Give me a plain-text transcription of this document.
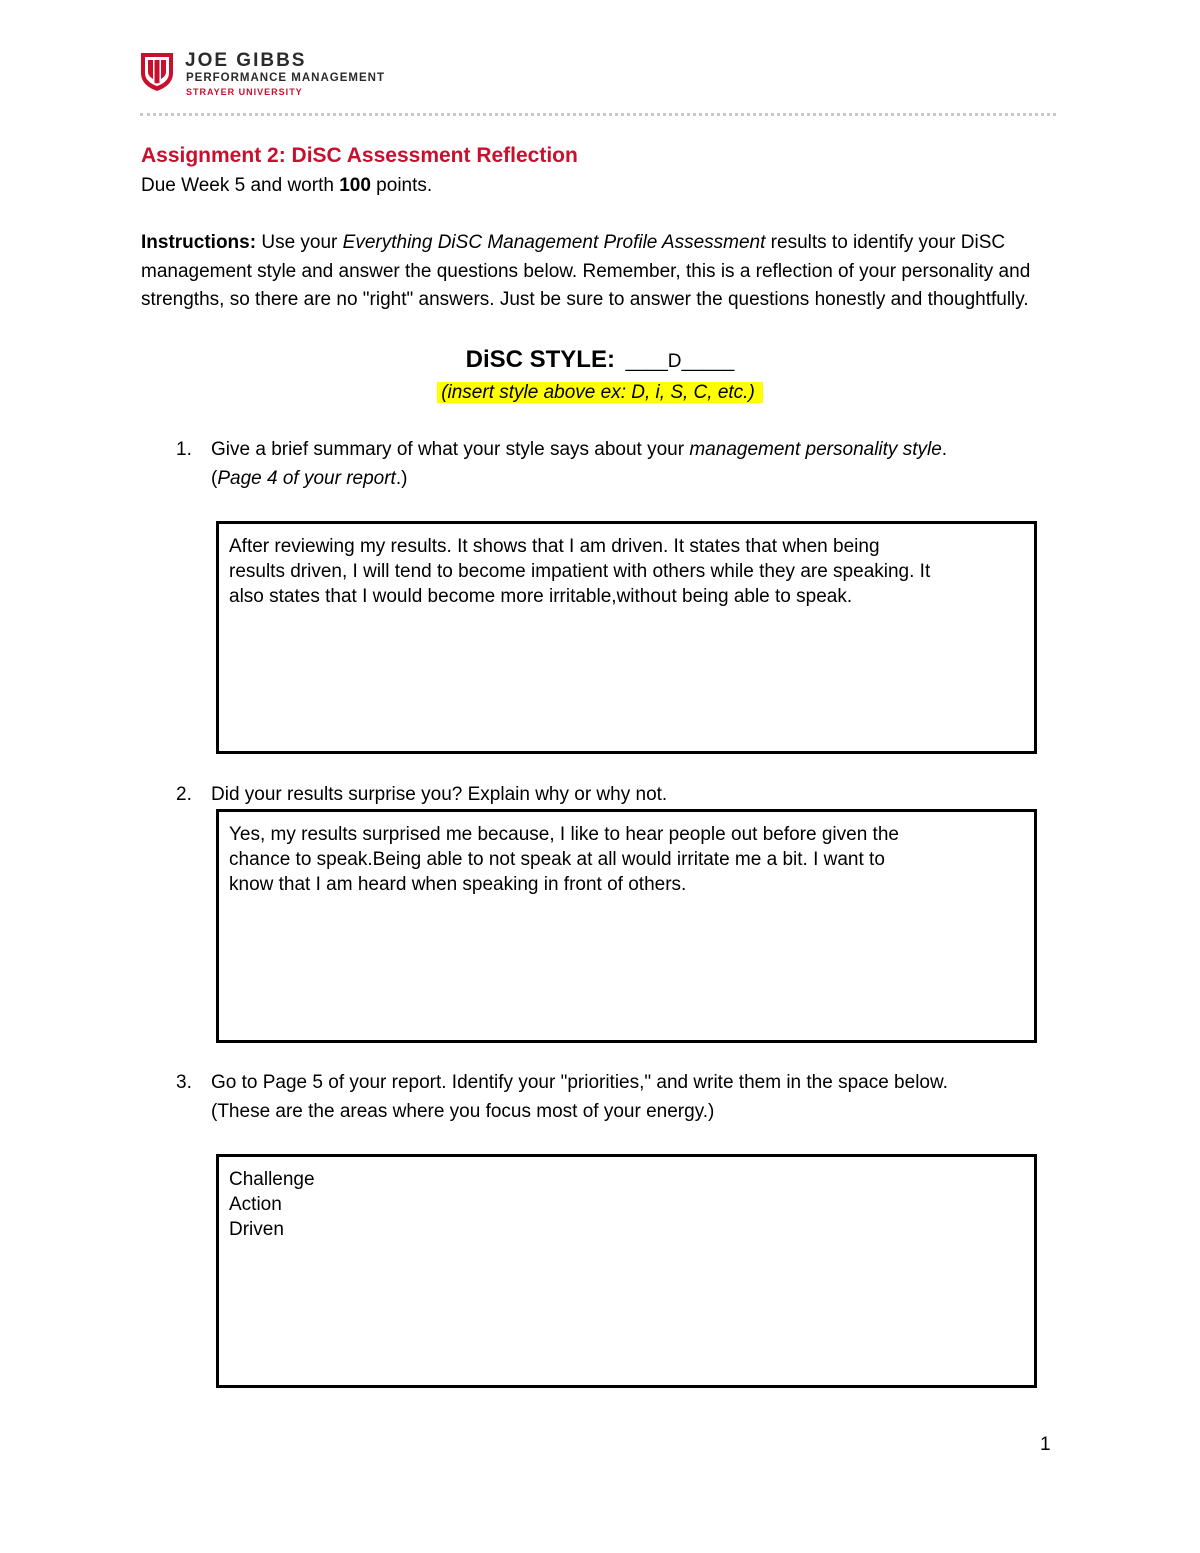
JOE GIBBS
PERFORMANCE MANAGEMENT
STRAYER UNIVERSITY
Assignment 2: DiSC Assessment Reflection
Due Week 5 and worth 100 points.
Instructions: Use your Everything DiSC Management Profile Assessment results to identify your DiSC management style and answer the questions below. Remember, this is a reflection of your personality and strengths, so there are no "right" answers. Just be sure to answer the questions honestly and thoughtfully.
DiSC STYLE: ____D_____
(insert style above ex: D, i, S, C, etc.)
1. Give a brief summary of what your style says about your management personality style.
(Page 4 of your report.)
After reviewing my results. It shows that I am driven. It states that when being
results driven, I will tend to become impatient with others while they are speaking. It
also states that I would become more irritable,without being able to speak.
2. Did your results surprise you? Explain why or why not.
Yes, my results surprised me because, I like to hear people out before given the
chance to speak.Being able to not speak at all would irritate me a bit. I want to
know that I am heard when speaking in front of others.
3. Go to Page 5 of your report. Identify your "priorities," and write them in the space below.
(These are the areas where you focus most of your energy.)
Challenge
Action
Driven
1
